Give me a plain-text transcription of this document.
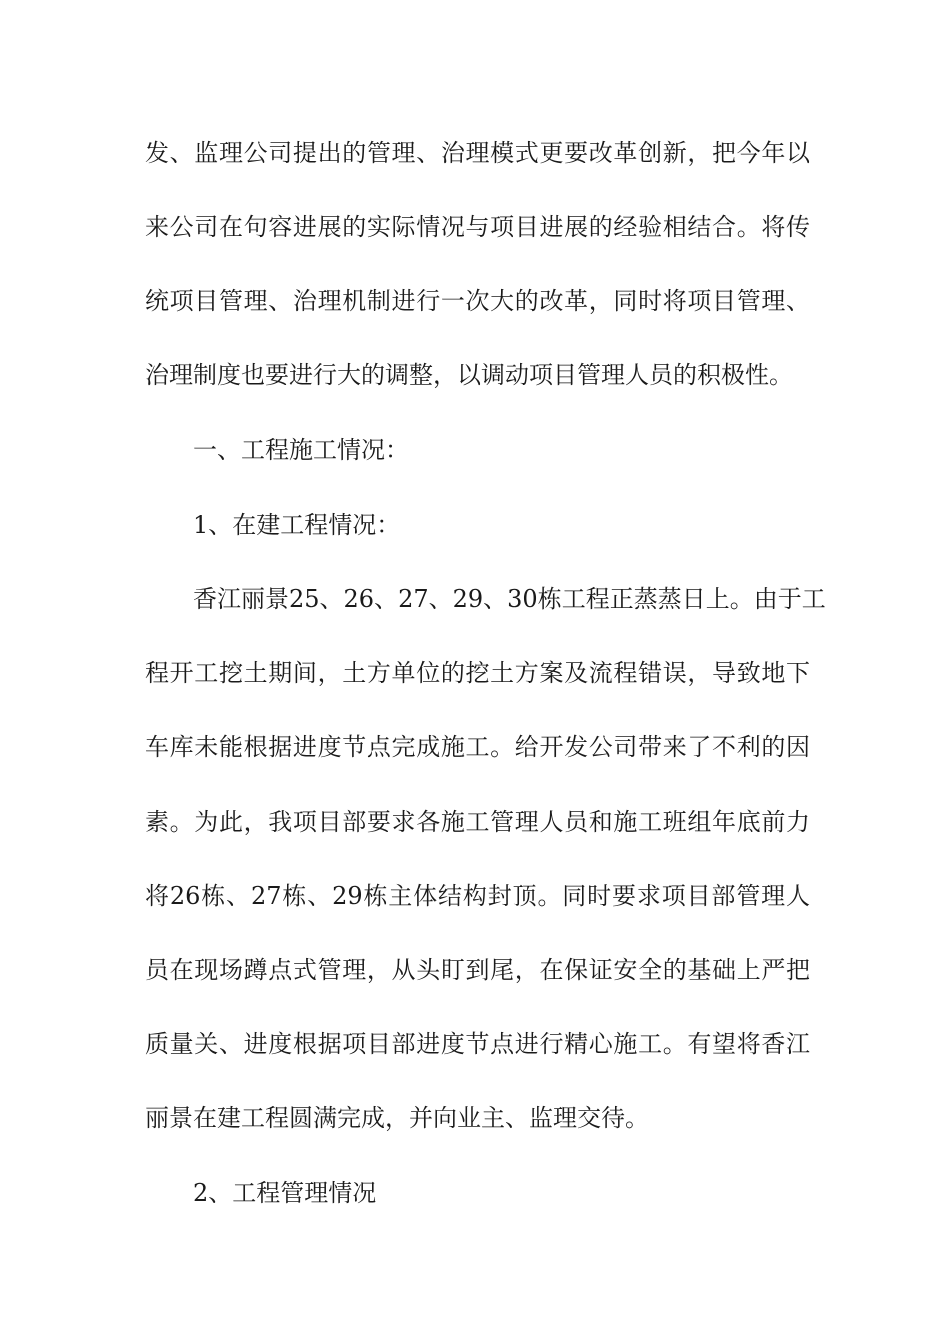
发、监理公司提出的管理、治理模式更要改革创新，把今年以
来公司在句容进展的实际情况与项目进展的经验相结合。将传
统项目管理、治理机制进行一次大的改革，同时将项目管理、
治理制度也要进行大的调整，以调动项目管理人员的积极性。
一、工程施工情况：
1、在建工程情况：
香江丽景25、26、27、29、30栋工程正蒸蒸日上。由于工
程开工挖土期间，土方单位的挖土方案及流程错误，导致地下
车库未能根据进度节点完成施工。给开发公司带来了不利的因
素。为此，我项目部要求各施工管理人员和施工班组年底前力
将26栋、27栋、29栋主体结构封顶。同时要求项目部管理人
员在现场蹲点式管理，从头盯到尾，在保证安全的基础上严把
质量关、进度根据项目部进度节点进行精心施工。有望将香江
丽景在建工程圆满完成，并向业主、监理交待。
2、工程管理情况
